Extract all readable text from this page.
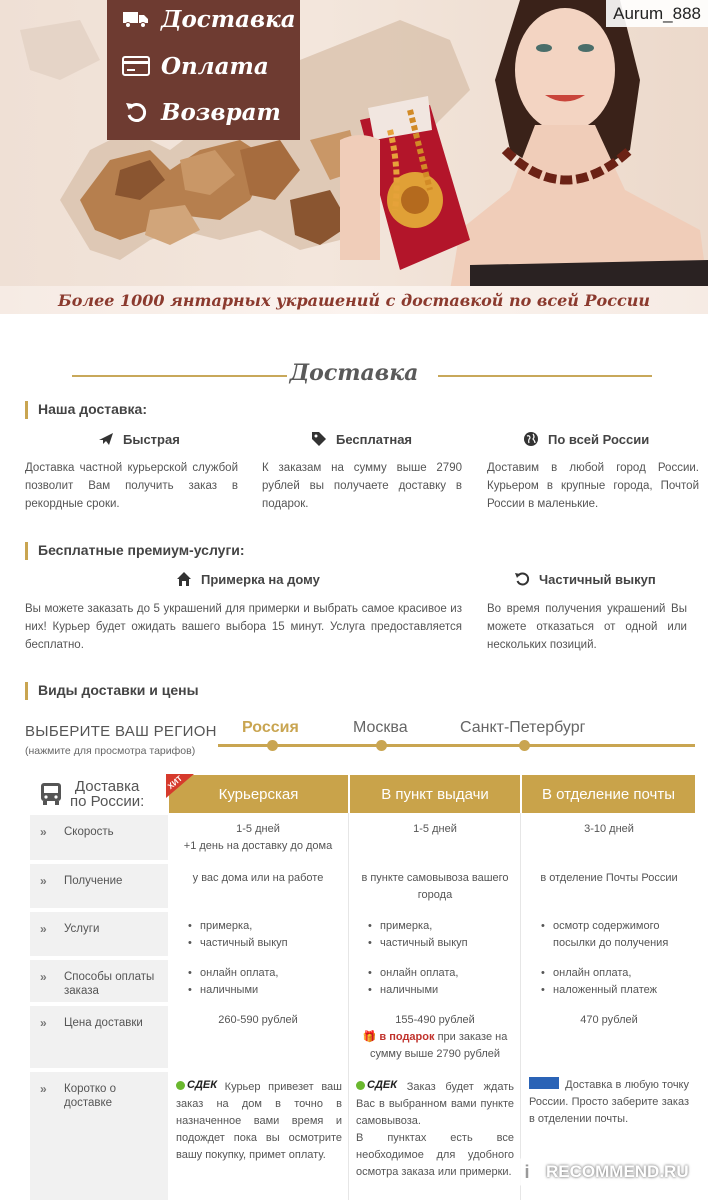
Доставка
Оплата
Возврат
Aurum_888
Более 1000 янтарных украшений с доставкой по всей России
Доставка
Наша доставка:
Быстрая	Бесплатная	По всей России
Доставка частной курьерской службой позволит Вам получить заказ в рекордные сроки.
К заказам на сумму выше 2790 рублей вы получаете доставку в подарок.
Доставим в любой город России. Курьером в крупные города, Почтой России в маленькие.
Бесплатные премиум-услуги:
Примерка на дому	Частичный выкуп
Вы можете заказать до 5 украшений для примерки и выбрать самое красивое из них! Курьер будет ожидать вашего выбора 15 минут. Услуга предоставляется бесплатно.
Во время получения украшений Вы можете отказаться от одной или нескольких позиций.
Виды доставки и цены
ВЫБЕРИТЕ ВАШ РЕГИОН
(нажмите для просмотра тарифов)
Россия	Москва	Санкт-Петербург
Доставка
по России:	Курьерская	В пункт выдачи	В отделение почты
ХИТ
» Скорость	1-5 дней
+1 день на доставку до дома
1-5 дней	3-10 дней
» Получение	у вас дома или на работе	в пункте самовывоза вашего города
в отделение Почты России
» Услуги
•	примерка,
• частичный выкуп
• примерка,
• частичный выкуп
• осмотр содержимого посылки до получения
» Способы оплаты заказа
• онлайн оплата,
• наличными
• онлайн оплата,
• наличными
• онлайн оплата,
• наложенный платеж
» Цена доставки	260-590 рублей	155-490 рублей
🎁 в подарок при заказе на сумму выше 2790 рублей
470 рублей
» Коротко о доставке
СДЕК Курьер привезет ваш заказ на дом в точно в назначенное вами время и подождет пока вы осмотрите вашу покупку, примет оплату.
СДЕК Заказ будет ждать Вас в выбранном вами пункте самовывоза.
В пунктах есть все необходимое для удобного осмотра заказа или примерки.
Доставка в любую точку России. Просто заберите заказ в отделении почты.
i RECOMMEND.RU
